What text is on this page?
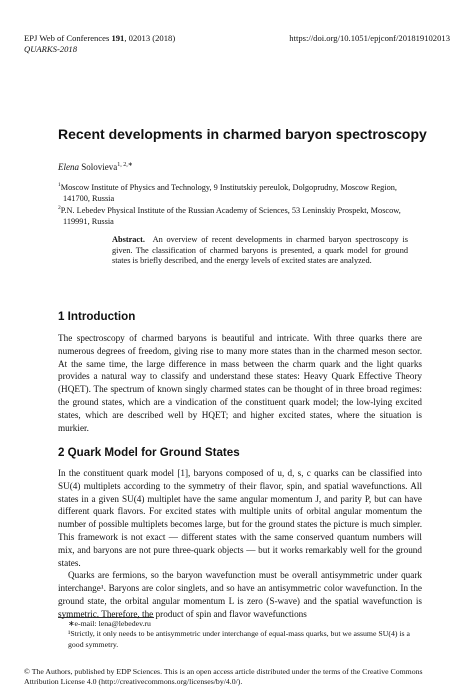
EPJ Web of Conferences 191, 02013 (2018)	https://doi.org/10.1051/epjconf/201819102013
QUARKS-2018
Recent developments in charmed baryon spectroscopy
Elena Solovieva$^{1, 2,∗}$
$^1$Moscow Institute of Physics and Technology, 9 Institutskiy pereulok, Dolgoprudny, Moscow Region,
141700, Russia
$^2$P.N. Lebedev Physical Institute of the Russian Academy of Sciences, 53 Leninskiy Prospekt, Moscow,
119991, Russia
Abstract. An overview of recent developments in charmed baryon spectroscopy is given. The classification of charmed baryons is presented, a quark model for ground states is briefly described, and the energy levels of excited states are analyzed.
1 Introduction

The spectroscopy of charmed baryons is beautiful and intricate. With three quarks there are numerous degrees of freedom, giving rise to many more states than in the charmed meson sector. At the same time, the large difference in mass between the charm quark and the light quarks provides a natural way to classify and understand these states: Heavy Quark Effective Theory (HQET). The spectrum of known singly charmed states can be thought of in three broad regimes: the ground states, which are a vindication of the constituent quark model; the low-lying excited states, which are described well by HQET; and higher excited states, where the situation is murkier.

2 Quark Model for Ground States

In the constituent quark model [1], baryons composed of u, d, s, c quarks can be classified into SU(4) multiplets according to the symmetry of their flavor, spin, and spatial wavefunctions. All states in a given SU(4) multiplet have the same angular momentum J, and parity P, but can have different quark flavors. For excited states with multiple units of orbital angular momentum the number of possible multiplets becomes large, but for the ground states the picture is much simpler. This framework is not exact — different states with the same conserved quantum numbers will mix, and baryons are not pure three-quark objects — but it works remarkably well for the ground states.

Quarks are fermions, so the baryon wavefunction must be overall antisymmetric under quark interchange¹. Baryons are color singlets, and so have an antisymmetric color wavefunction. In the ground state, the orbital angular momentum L is zero (S-wave) and the spatial wavefunction is symmetric. Therefore, the product of spin and flavor wavefunctions

∗e-mail: lena@lebedev.ru
¹Strictly, it only needs to be antisymmetric under interchange of equal-mass quarks, but we assume SU(4) is a good symmetry.
© The Authors, published by EDP Sciences. This is an open access article distributed under the terms of the Creative Commons Attribution License 4.0 (http://creativecommons.org/licenses/by/4.0/).
